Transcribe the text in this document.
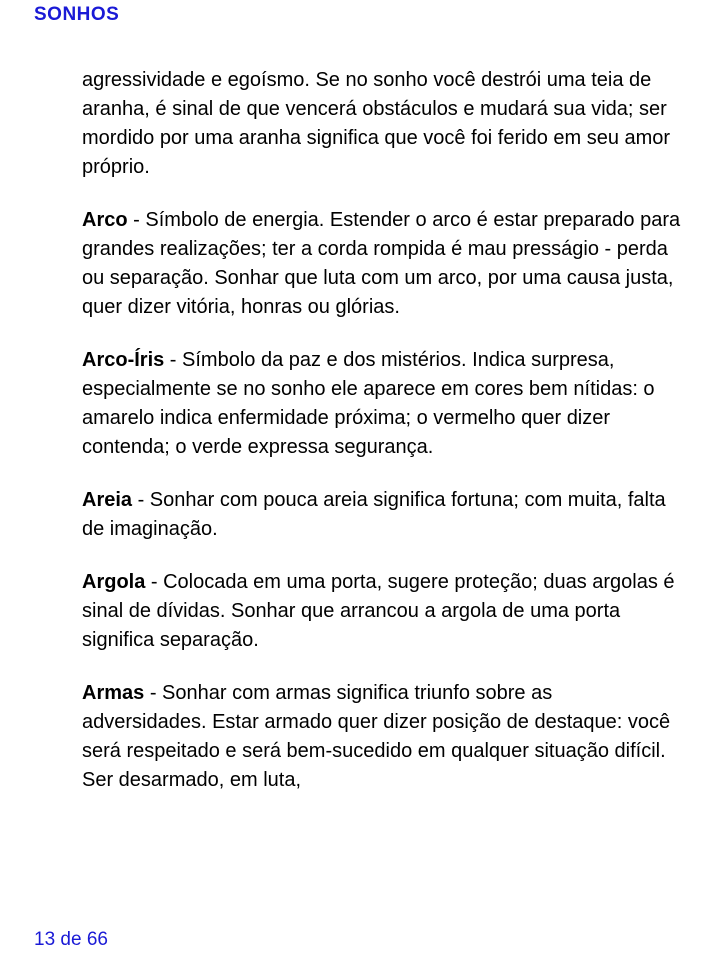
SONHOS

agressividade e egoísmo. Se no sonho você destrói uma teia de aranha, é sinal de que vencerá obstáculos e mudará sua vida; ser mordido por uma aranha significa que você foi ferido em seu amor próprio.

Arco - Símbolo de energia. Estender o arco é estar preparado para grandes realizações; ter a corda rompida é mau presságio - perda ou separação. Sonhar que luta com um arco, por uma causa justa, quer dizer vitória, honras ou glórias.

Arco-Íris - Símbolo da paz e dos mistérios. Indica surpresa, especialmente se no sonho ele aparece em cores bem nítidas: o amarelo indica enfermidade próxima; o vermelho quer dizer contenda; o verde expressa segurança.

Areia - Sonhar com pouca areia significa fortuna; com muita, falta de imaginação.

Argola - Colocada em uma porta, sugere proteção; duas argolas é sinal de dívidas. Sonhar que arrancou a argola de uma porta significa separação.

Armas - Sonhar com armas significa triunfo sobre as adversidades. Estar armado quer dizer posição de destaque: você será respeitado e será bem-sucedido em qualquer situação difícil. Ser desarmado, em luta,

13 de 66
